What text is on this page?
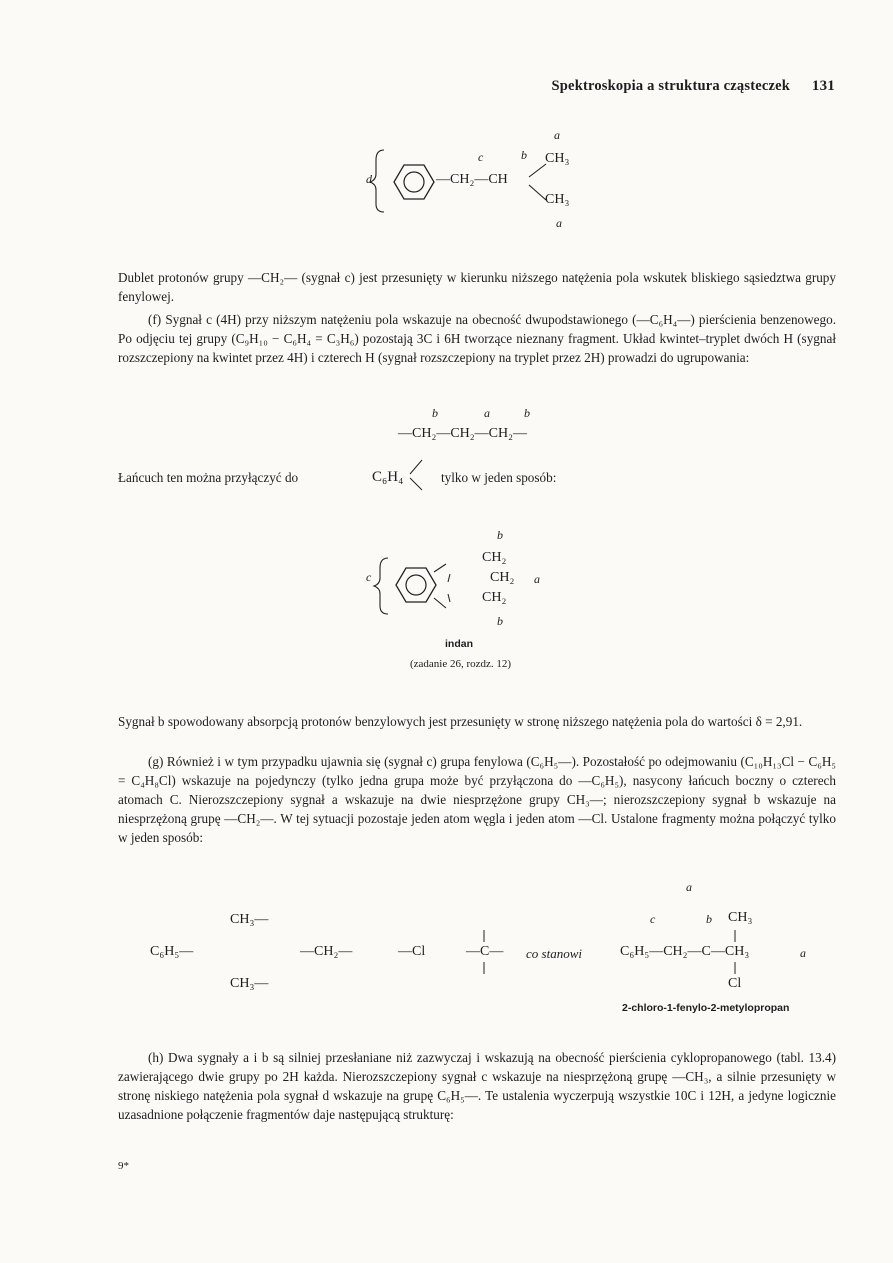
Spektroskopia a struktura cząsteczek 131
a
c	b CH₃
d	—CH₂—CH
CH₃
a

Dublet protonów grupy —CH₂— (sygnał c) jest przesunięty w kierunku niższego natężenia pola wskutek bliskiego sąsiedztwa grupy fenylowej.

(f) Sygnał c (4H) przy niższym natężeniu pola wskazuje na obecność dwupodstawionego (—C₆H₄—) pierścienia benzenowego. Po odjęciu tej grupy (C₉H₁₀ − C₆H₄ = C₃H₆) pozostają 3C i 6H tworzące nieznany fragment. Układ kwintet–tryplet dwóch H (sygnał rozszczepiony na kwintet przez 4H) i czterech H (sygnał rozszczepiony na tryplet przez 2H) prowadzi do ugrupowania:

b	a	b
—CH₂—CH₂—CH₂—
Łańcuch ten można przyłączyć do	C₆H₄	tylko w jeden sposób:
b
c
CH₂
CH₂ a
CH₂
b
indan
(zadanie 26, rozdz. 12)

Sygnał b spowodowany absorpcją protonów benzylowych jest przesunięty w stronę niższego natężenia pola do wartości δ = 2,91.

(g) Również i w tym przypadku ujawnia się (sygnał c) grupa fenylowa (C₆H₅—). Pozostałość po odejmowaniu (C₁₀H₁₃Cl − C₆H₅ = C₄H₈Cl) wskazuje na pojedynczy (tylko jedna grupa może być przyłączona do —C₆H₅), nasycony łańcuch boczny o czterech atomach C. Nierozszczepiony sygnał a wskazuje na dwie niesprzężone grupy CH₃—; nierozszczepiony sygnał b wskazuje na niesprzężoną grupę —CH₂—. W tej sytuacji pozostaje jeden atom węgla i jeden atom —Cl. Ustalone fragmenty można połączyć tylko w jeden sposób:

CH₃—
C₆H₅—
CH₃—
—CH₂—	—Cl	—C— co stanowi
a
c	b CH₃
C₆H₅—CH₂—C—CH₃	a
Cl
2-chloro-1-fenylo-2-metylopropan

(h) Dwa sygnały a i b są silniej przesłaniane niż zazwyczaj i wskazują na obecność pierścienia cyklopropanowego (tabl. 13.4) zawierającego dwie grupy po 2H każda. Nierozszczepiony sygnał c wskazuje na niesprzężoną grupę —CH₃, a silnie przesunięty w stronę niskiego natężenia pola sygnał d wskazuje na grupę C₆H₅—. Te ustalenia wyczerpują wszystkie 10C i 12H, a jedyne logicznie uzasadnione połączenie fragmentów daje następującą strukturę:

9*
